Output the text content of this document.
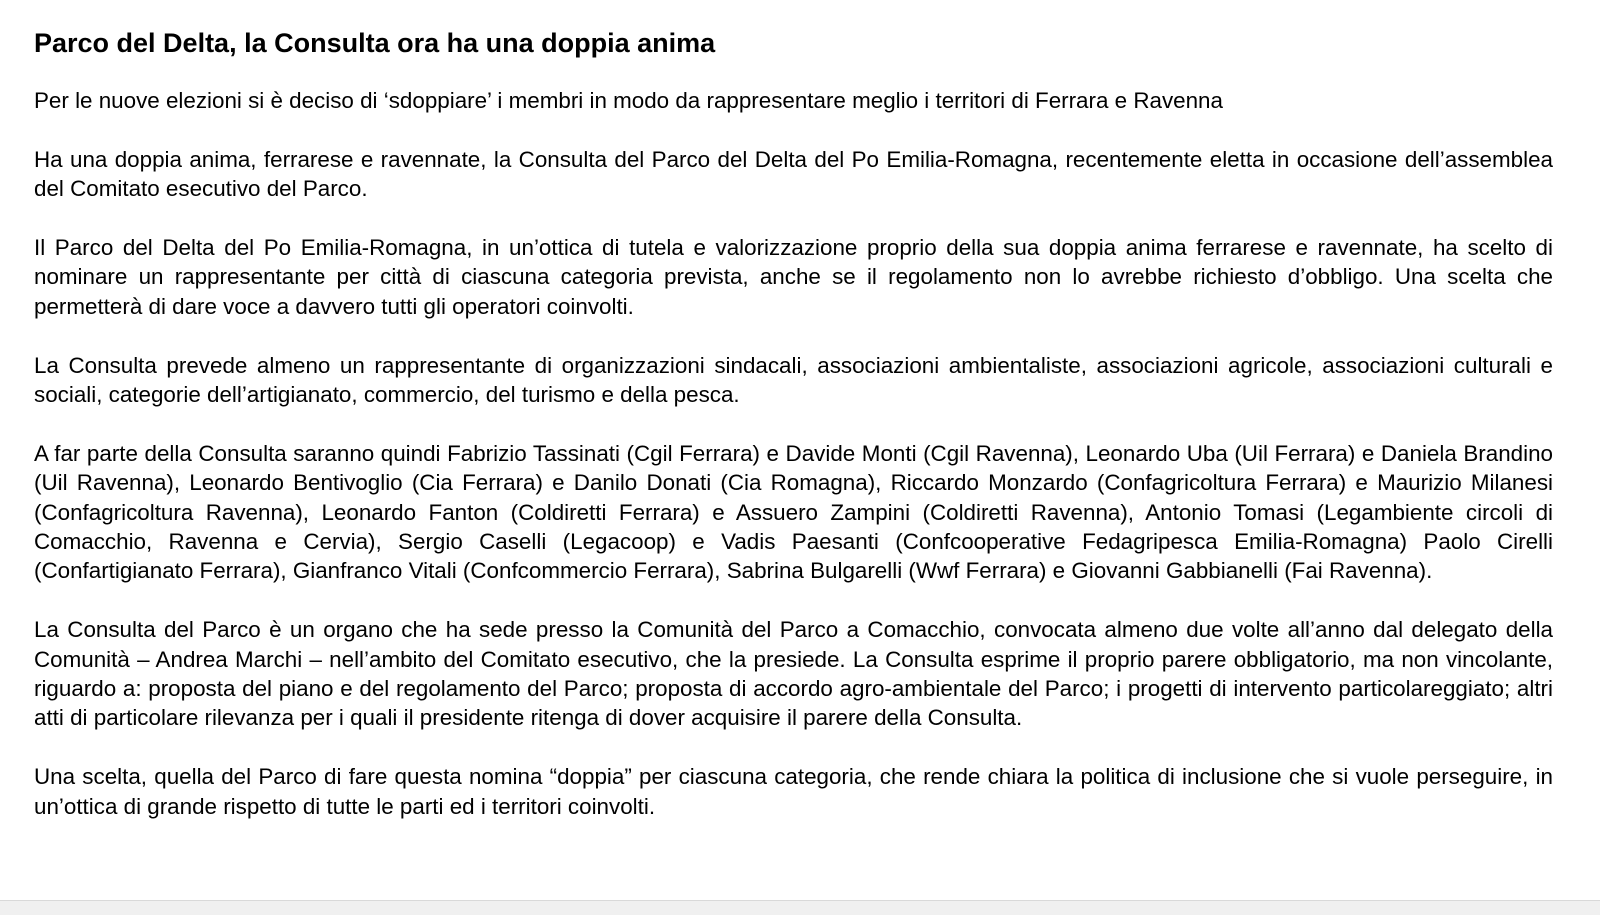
Parco del Delta, la Consulta ora ha una doppia anima

Per le nuove elezioni si è deciso di ‘sdoppiare’ i membri in modo da rappresentare meglio i territori di Ferrara e Ravenna

Ha una doppia anima, ferrarese e ravennate, la Consulta del Parco del Delta del Po Emilia-Romagna, recentemente eletta in occasione dell’assemblea del Comitato esecutivo del Parco.

Il Parco del Delta del Po Emilia-Romagna, in un’ottica di tutela e valorizzazione proprio della sua doppia anima ferrarese e ravennate, ha scelto di nominare un rappresentante per città di ciascuna categoria prevista, anche se il regolamento non lo avrebbe richiesto d’obbligo. Una scelta che permetterà di dare voce a davvero tutti gli operatori coinvolti.

La Consulta prevede almeno un rappresentante di organizzazioni sindacali, associazioni ambientaliste, associazioni agricole, associazioni culturali e sociali, categorie dell’artigianato, commercio, del turismo e della pesca.

A far parte della Consulta saranno quindi Fabrizio Tassinati (Cgil Ferrara) e Davide Monti (Cgil Ravenna), Leonardo Uba (Uil Ferrara) e Daniela Brandino (Uil Ravenna), Leonardo Bentivoglio (Cia Ferrara) e Danilo Donati (Cia Romagna), Riccardo Monzardo (Confagricoltura Ferrara) e Maurizio Milanesi (Confagricoltura Ravenna), Leonardo Fanton (Coldiretti Ferrara) e Assuero Zampini (Coldiretti Ravenna), Antonio Tomasi (Legambiente circoli di Comacchio, Ravenna e Cervia), Sergio Caselli (Legacoop) e Vadis Paesanti (Confcooperative Fedagripesca Emilia-Romagna) Paolo Cirelli (Confartigianato Ferrara), Gianfranco Vitali (Confcommercio Ferrara), Sabrina Bulgarelli (Wwf Ferrara) e Giovanni Gabbianelli (Fai Ravenna).

La Consulta del Parco è un organo che ha sede presso la Comunità del Parco a Comacchio, convocata almeno due volte all’anno dal delegato della Comunità – Andrea Marchi – nell’ambito del Comitato esecutivo, che la presiede. La Consulta esprime il proprio parere obbligatorio, ma non vincolante, riguardo a: proposta del piano e del regolamento del Parco; proposta di accordo agro-ambientale del Parco; i progetti di intervento particolareggiato; altri atti di particolare rilevanza per i quali il presidente ritenga di dover acquisire il parere della Consulta.

Una scelta, quella del Parco di fare questa nomina “doppia” per ciascuna categoria, che rende chiara la politica di inclusione che si vuole perseguire, in un’ottica di grande rispetto di tutte le parti ed i territori coinvolti.
